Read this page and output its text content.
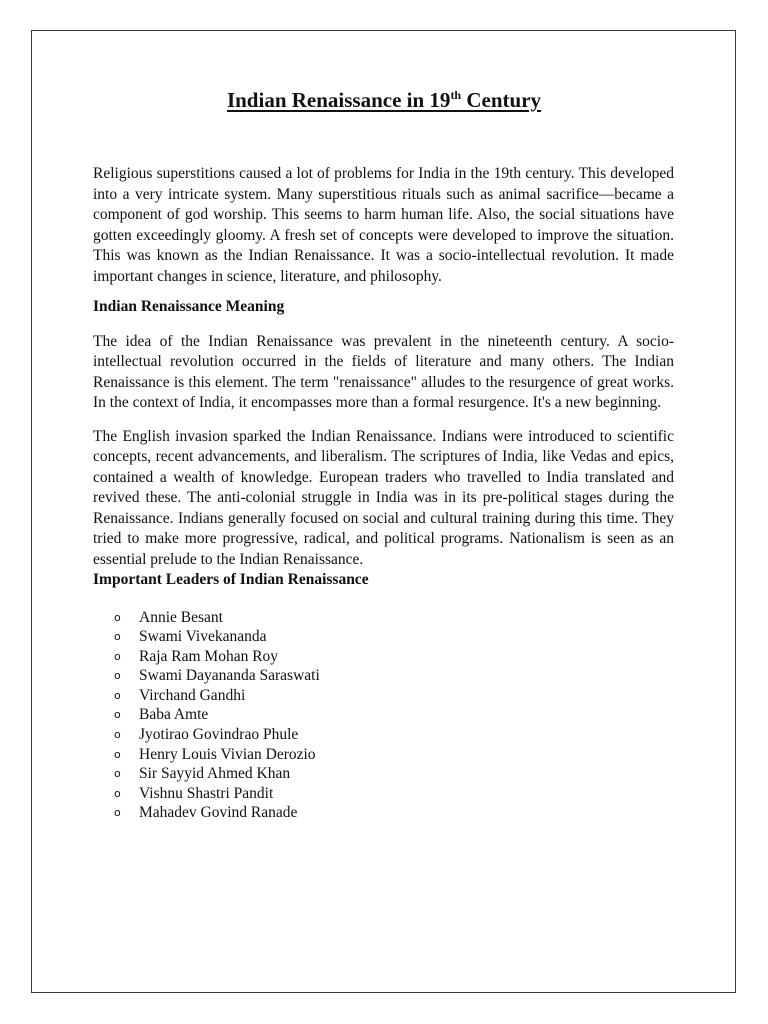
Indian Renaissance in 19th Century

Religious superstitions caused a lot of problems for India in the 19th century. This developed into a very intricate system. Many superstitious rituals such as animal sacrifice—became a component of god worship. This seems to harm human life. Also, the social situations have gotten exceedingly gloomy. A fresh set of concepts were developed to improve the situation. This was known as the Indian Renaissance. It was a socio-intellectual revolution. It made important changes in science, literature, and philosophy.

Indian Renaissance Meaning

The idea of the Indian Renaissance was prevalent in the nineteenth century. A socio-intellectual revolution occurred in the fields of literature and many others. The Indian Renaissance is this element. The term "renaissance" alludes to the resurgence of great works. In the context of India, it encompasses more than a formal resurgence. It's a new beginning.

The English invasion sparked the Indian Renaissance. Indians were introduced to scientific concepts, recent advancements, and liberalism. The scriptures of India, like Vedas and epics, contained a wealth of knowledge. European traders who travelled to India translated and revived these. The anti-colonial struggle in India was in its pre-political stages during the Renaissance. Indians generally focused on social and cultural training during this time. They tried to make more progressive, radical, and political programs. Nationalism is seen as an essential prelude to the Indian Renaissance.

Important Leaders of Indian Renaissance

o Annie Besant
o Swami Vivekananda
o Raja Ram Mohan Roy
o Swami Dayananda Saraswati
o Virchand Gandhi
o Baba Amte
o Jyotirao Govindrao Phule
o Henry Louis Vivian Derozio
o Sir Sayyid Ahmed Khan
o Vishnu Shastri Pandit
o Mahadev Govind Ranade
